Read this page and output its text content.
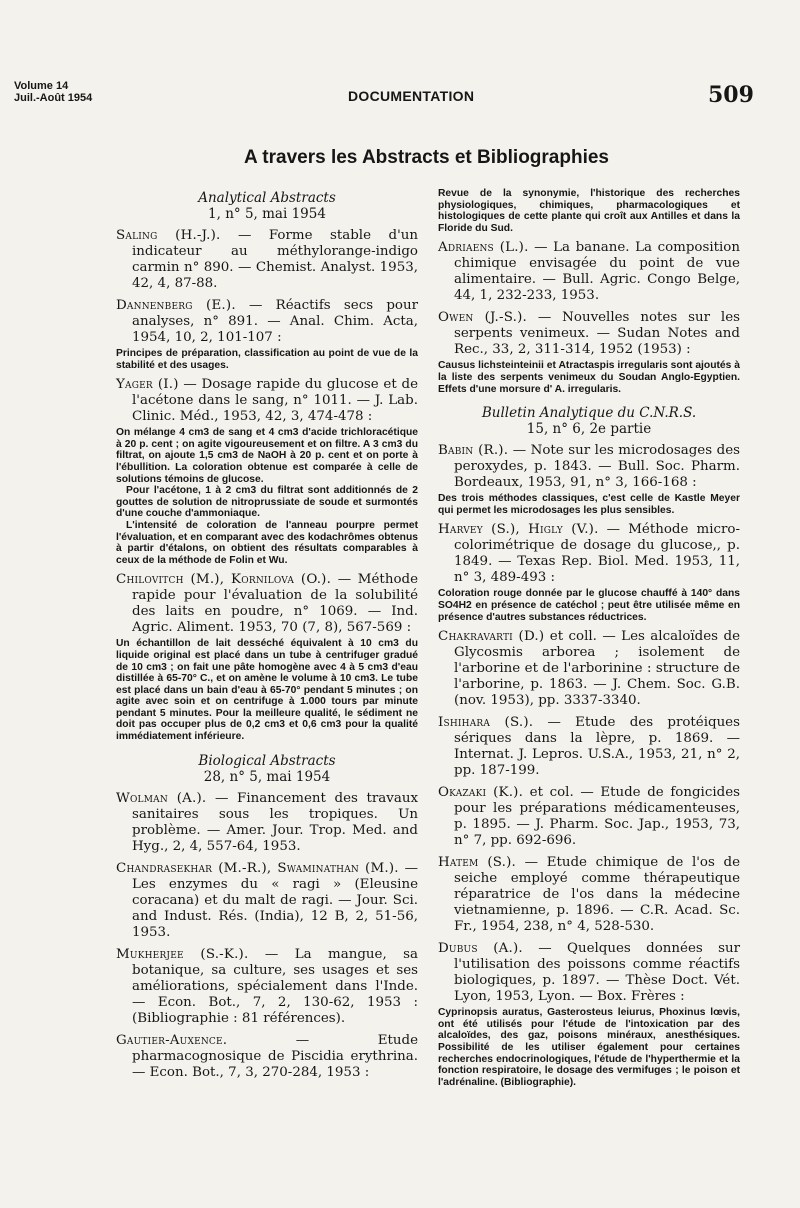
Volume 14
Juil.-Août 1954	DOCUMENTATION	509
A travers les Abstracts et Bibliographies
Analytical Abstracts
1, n° 5, mai 1954
Saling (H.-J.). — Forme stable d'un indicateur au méthylorange-indigo carmin n° 890. — Chemist. Analyst. 1953, 42, 4, 87-88.
Dannenberg (E.). — Réactifs secs pour analyses, n° 891. — Anal. Chim. Acta, 1954, 10, 2, 101-107 :

Principes de préparation, classification au point de vue de la stabilité et des usages.

Yager (I.) — Dosage rapide du glucose et de l'acétone dans le sang, n° 1011. — J. Lab. Clinic. Méd., 1953, 42, 3, 474-478 :

On mélange 4 cm3 de sang et 4 cm3 d'acide trichloracétique à 20 p. cent ; on agite vigoureusement et on filtre. A 3 cm3 du filtrat, on ajoute 1,5 cm3 de NaOH à 20 p. cent et on porte à l'ébullition. La coloration obtenue est comparée à celle de solutions témoins de glucose.

Pour l'acétone, 1 à 2 cm3 du filtrat sont additionnés de 2 gouttes de solution de nitroprussiate de soude et surmontés d'une couche d'ammoniaque.

L'intensité de coloration de l'anneau pourpre permet l'évaluation, et en comparant avec des kodachrômes obtenus à partir d'étalons, on obtient des résultats comparables à ceux de la méthode de Folin et Wu.

Chilovitch (M.), Kornilova (O.). — Méthode rapide pour l'évaluation de la solubilité des laits en poudre, n° 1069. — Ind. Agric. Aliment. 1953, 70 (7, 8), 567-569 :

Un échantillon de lait desséché équivalent à 10 cm3 du liquide original est placé dans un tube à centrifuger gradué de 10 cm3 ; on fait une pâte homogène avec 4 à 5 cm3 d'eau distillée à 65-70° C., et on amène le volume à 10 cm3. Le tube est placé dans un bain d'eau à 65-70° pendant 5 minutes ; on agite avec soin et on centrifuge à 1.000 tours par minute pendant 5 minutes. Pour la meilleure qualité, le sédiment ne doit pas occuper plus de 0,2 cm3 et 0,6 cm3 pour la qualité immédiatement inférieure.

Biological Abstracts
28, n° 5, mai 1954
Wolman (A.). — Financement des travaux sanitaires sous les tropiques. Un problème. — Amer. Jour. Trop. Med. and Hyg., 2, 4, 557-64, 1953.
Chandrasekhar (M.-R.), Swaminathan (M.). — Les enzymes du « ragi » (Eleusine coracana) et du malt de ragi. — Jour. Sci. and Indust. Rés. (India), 12 B, 2, 51-56, 1953.
Mukherjee (S.-K.). — La mangue, sa botanique, sa culture, ses usages et ses améliorations, spécialement dans l'Inde. — Econ. Bot., 7, 2, 130-62, 1953 : (Bibliographie : 81 références).
Gautier-Auxence. — Etude pharmacognosique de Piscidia erythrina. — Econ. Bot., 7, 3, 270-284, 1953 :

Revue de la synonymie, l'historique des recherches physiologiques, chimiques, pharmacologiques et histologiques de cette plante qui croît aux Antilles et dans la Floride du Sud.

Adriaens (L.). — La banane. La composition chimique envisagée du point de vue alimentaire. — Bull. Agric. Congo Belge, 44, 1, 232-233, 1953.
Owen (J.-S.). — Nouvelles notes sur les serpents venimeux. — Sudan Notes and Rec., 33, 2, 311-314, 1952 (1953) :

Causus lichsteinteinii et Atractaspis irregularis sont ajoutés à la liste des serpents venimeux du Soudan Anglo-Egyptien. Effets d'une morsure d' A. irregularis.

Bulletin Analytique du C.N.R.S.
15, n° 6, 2e partie
Babin (R.). — Note sur les microdosages des peroxydes, p. 1843. — Bull. Soc. Pharm. Bordeaux, 1953, 91, n° 3, 166-168 :

Des trois méthodes classiques, c'est celle de Kastle Meyer qui permet les microdosages les plus sensibles.

Harvey (S.), Higly (V.). — Méthode micro-colorimétrique de dosage du glucose,, p. 1849. — Texas Rep. Biol. Med. 1953, 11, n° 3, 489-493 :

Coloration rouge donnée par le glucose chauffé à 140° dans SO4H2 en présence de catéchol ; peut être utilisée même en présence d'autres substances réductrices.

Chakravarti (D.) et coll. — Les alcaloïdes de Glycosmis arborea ; isolement de l'arborine et de l'arborinine : structure de l'arborine, p. 1863. — J. Chem. Soc. G.B. (nov. 1953), pp. 3337-3340.
Ishihara (S.). — Etude des protéiques sériques dans la lèpre, p. 1869. — Internat. J. Lepros. U.S.A., 1953, 21, n° 2, pp. 187-199.
Okazaki (K.). et col. — Etude de fongicides pour les préparations médicamenteuses, p. 1895. — J. Pharm. Soc. Jap., 1953, 73, n° 7, pp. 692-696.
Hatem (S.). — Etude chimique de l'os de seiche employé comme thérapeutique réparatrice de l'os dans la médecine vietnamienne, p. 1896. — C.R. Acad. Sc. Fr., 1954, 238, n° 4, 528-530.
Dubus (A.). — Quelques données sur l'utilisation des poissons comme réactifs biologiques, p. 1897. — Thèse Doct. Vét. Lyon, 1953, Lyon. — Box. Frères :

Cyprinopsis auratus, Gasterosteus leiurus, Phoxinus lœvis, ont été utilisés pour l'étude de l'intoxication par des alcaloïdes, des gaz, poisons minéraux, anesthésiques. Possibilité de les utiliser également pour certaines recherches endocrinologiques, l'étude de l'hyperthermie et la fonction respiratoire, le dosage des vermifuges ; le poison et l'adrénaline. (Bibliographie).
